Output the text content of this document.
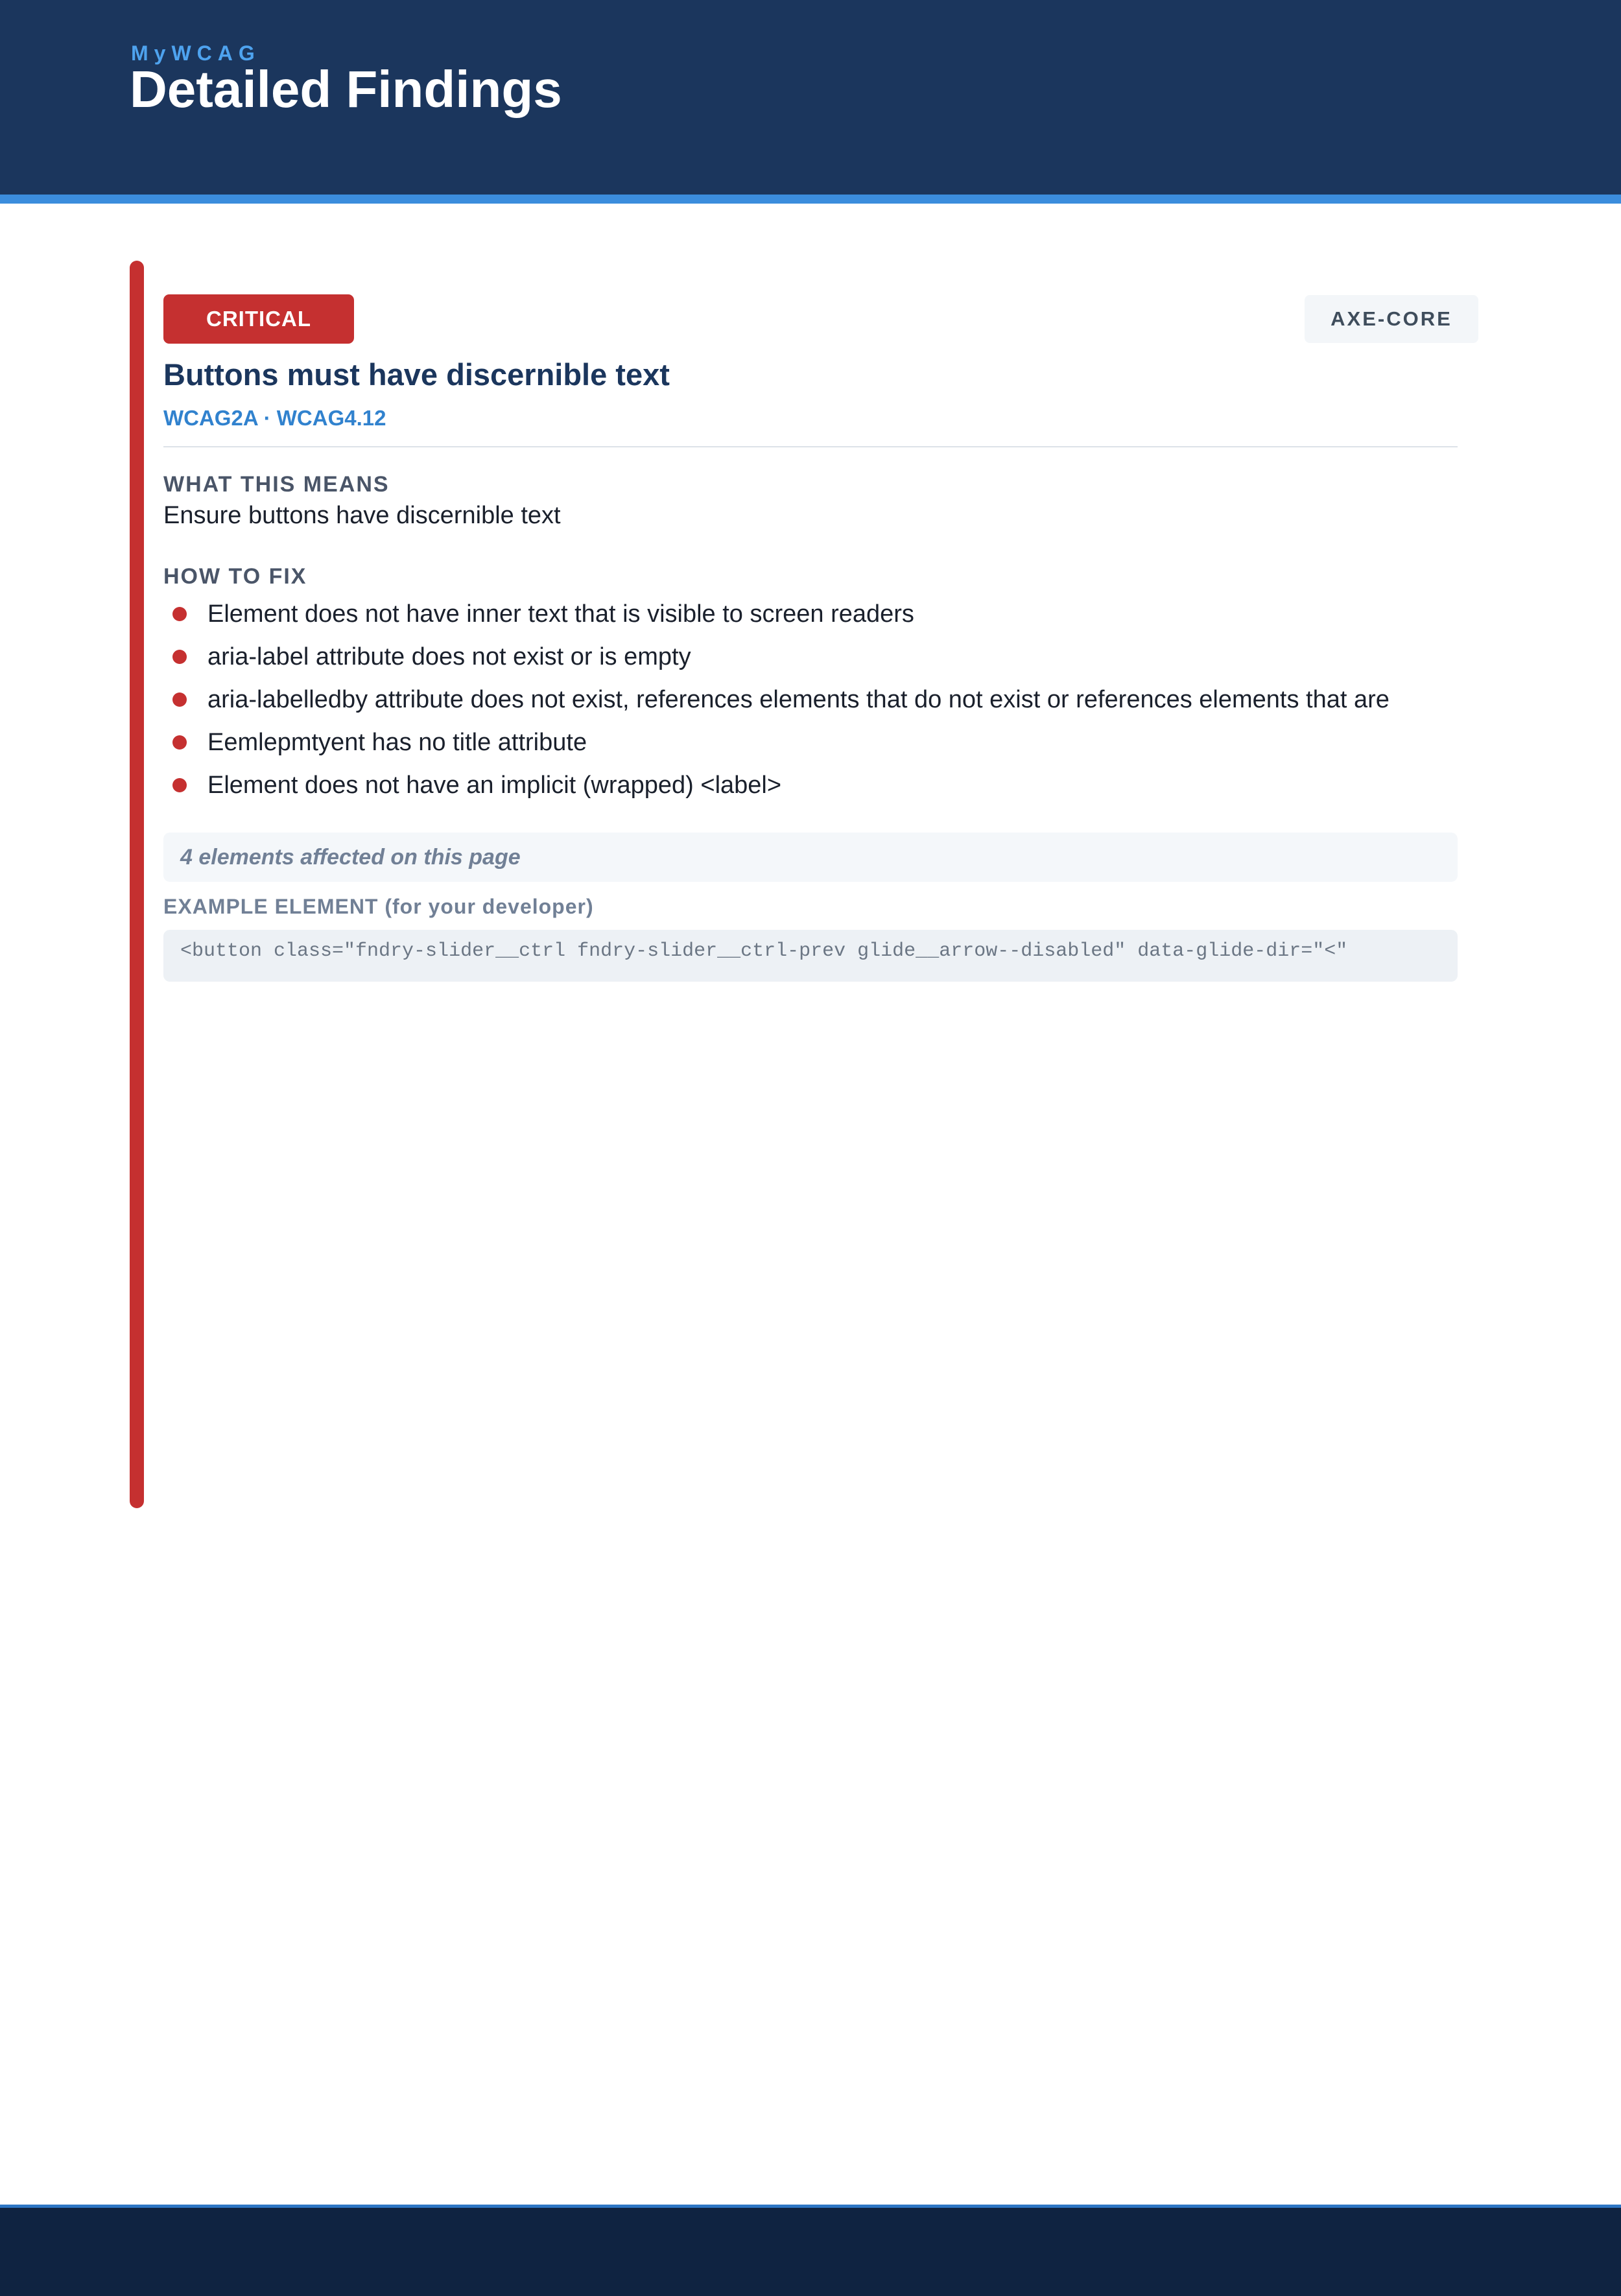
MyWCAG
Detailed Findings
CRITICAL	AXE-CORE
Buttons must have discernible text
WCAG2A · WCAG4.12
WHAT THIS MEANS
Ensure buttons have discernible text
HOW TO FIX
Element does not have inner text that is visible to screen readers
aria-label attribute does not exist or is empty
aria-labelledby attribute does not exist, references elements that do not exist or references elements that are
Eemlepmtyent has no title attribute
Element does not have an implicit (wrapped) <label>
4 elements affected on this page
EXAMPLE ELEMENT (for your developer)
<button class="fndry-slider__ctrl fndry-slider__ctrl-prev glide__arrow--disabled" data-glide-dir="<"
